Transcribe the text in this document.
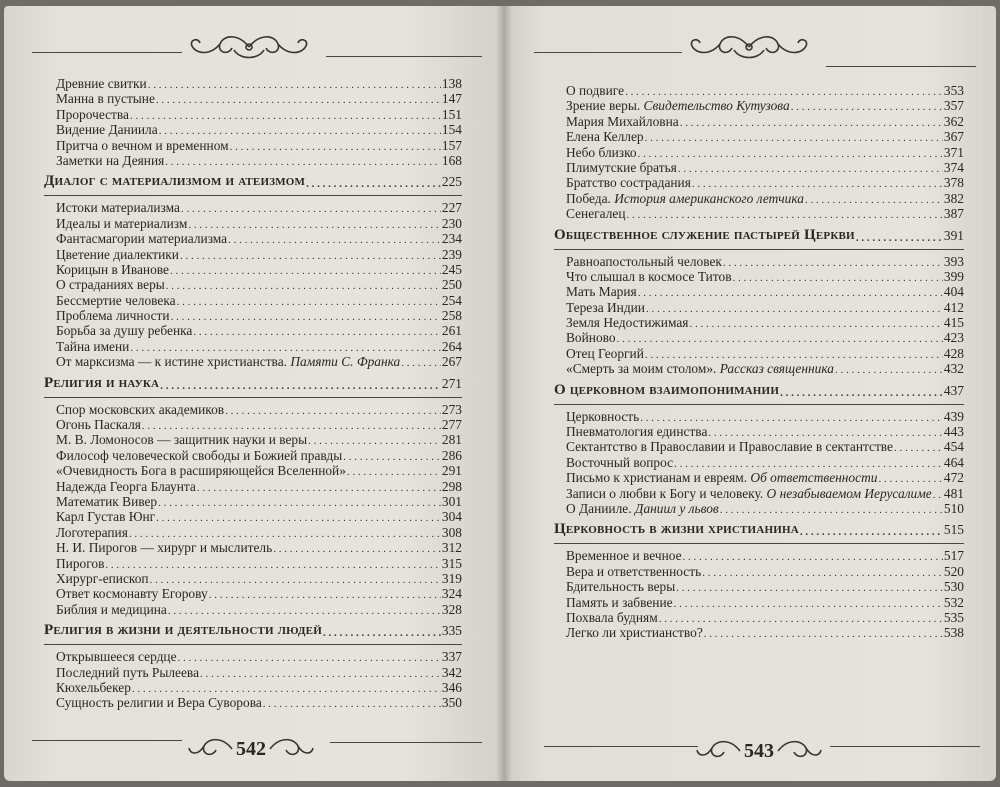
Древние свитки . . .	138
Манна в пустыне . . .	147
Пророчества . . .	151
Видение Даниила . . .	154
Притча о вечном и временном . . .	157
Заметки на Деяния . . .	168
Диалог с материализмом и атеизмом . . .	225
Истоки материализма . . .	227
Идеалы и материализм . . .	230
Фантасмагории материализма . . .	234
Цветение диалектики . . .	239
Корицын в Иванове . . .	245
О страданиях веры . . .	250
Бессмертие человека . . .	254
Проблема личности . . .	258
Борьба за душу ребенка . . .	261
Тайна имени . . .	264
От марксизма — к истине христианства. Памяти С. Франка . . .	267
Религия и наука . . .	271
Спор московских академиков . . .	273
Огонь Паскаля . . .	277
М. В. Ломоносов — защитник науки и веры . . .	281
Философ человеческой свободы и Божией правды . . .	286
«Очевидность Бога в расширяющейся Вселенной» . . .	291
Надежда Георга Блаунта . . .	298
Математик Вивер . . .	301
Карл Густав Юнг . . .	304
Логотерапия . . .	308
Н. И. Пирогов — хирург и мыслитель . . .	312
Пирогов . . .	315
Хирург-епископ . . .	319
Ответ космонавту Егорову . . .	324
Библия и медицина . . .	328
Религия в жизни и деятельности людей . . .	335
Открывшееся сердце . . .	337
Последний путь Рылеева . . .	342
Кюхельбекер . . .	346
Сущность религии и Вера Суворова . . .	350
542
О подвиге . . .	353
Зрение веры. Свидетельство Кутузова . . .	357
Мария Михайловна . . .	362
Елена Келлер . . .	367
Небо близко . . .	371
Плимутские братья . . .	374
Братство сострадания . . .	378
Победа. История американского летчика . . .	382
Сенегалец . . .	387
Общественное служение пастырей Церкви . . .	391
Равноапостольный человек . . .	393
Что слышал в космосе Титов . . .	399
Мать Мария . . .	404
Тереза Индии . . .	412
Земля Недостижимая . . .	415
Войново . . .	423
Отец Георгий . . .	428
«Смерть за моим столом». Рассказ священника . . .	432
О церковном взаимопонимании . . .	437
Церковность . . .	439
Пневматология единства . . .	443
Сектантство в Православии и Православие в сектантстве . . .	454
Восточный вопрос . . .	464
Письмо к христианам и евреям. Об ответственности . . .	472
Записи о любви к Богу и человеку. О незабываемом Иерусалиме . . . 481
О Данииле. Даниил у львов . . .	510
Церковность в жизни христианина . . .	515
Временное и вечное . . .	517
Вера и ответственность . . .	520
Бдительность веры . . .	530
Память и забвение . . .	532
Похвала будням . . .	535
Легко ли христианство? . . .	538
543
